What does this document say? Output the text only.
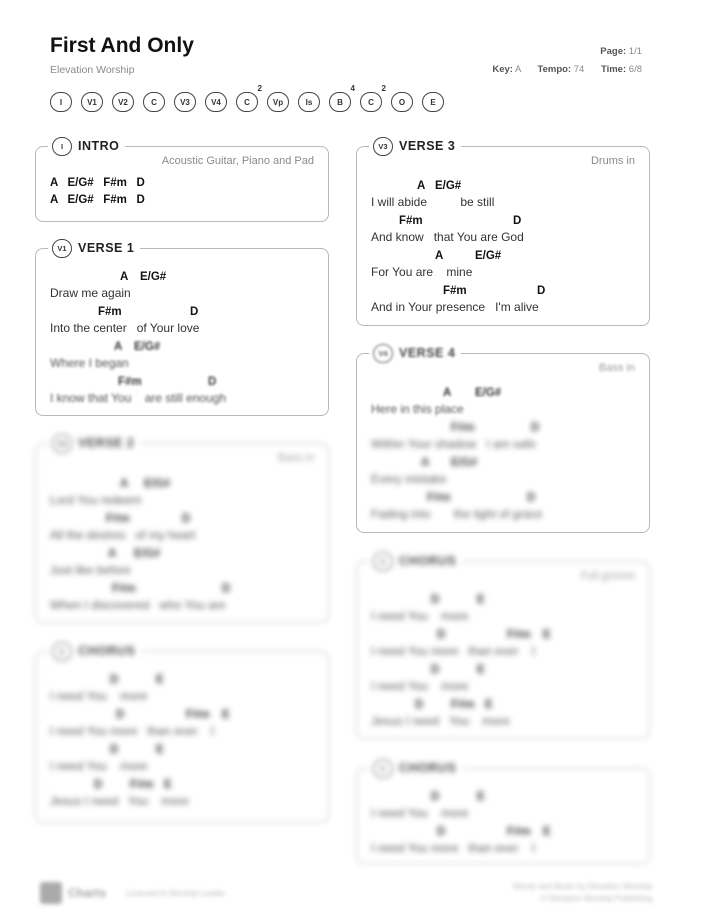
First And Only
Elevation Worship
Page: 1/1
Key: A Tempo: 74 Time: 6/8
I	V1	V2	C	V3	V4	C
2
Vp	Is	B
4
C
2
O	E
I	INTRO
Acoustic Guitar, Piano and Pad
A   E/G#   F#m   D
A   E/G#   F#m   D
V1 VERSE 1
A E/G#
Draw me again
F#m	D
Into the center   of Your love
A E/G#
Where I began
F#m	D
I know that You    are still enough
V2 VERSE 2
Bass in
A E/G#
Lord You redeem
F#m	D
All the desires   of my heart
A E/G#
Just like before
F#m	D
When I discovered   who You are
C	CHORUS
D	E
I need You    more
D	F#m E
I need You more   than ever    I
D	E
I need You    more
D F#m E
Jesus I need   You    more
V3 VERSE 3
Drums in
A E/G#
I will abide          be still
F#m	D
And know   that You are God
A	E/G#
For You are    mine
F#m	D
And in Your presence   I'm alive
V4 VERSE 4
Bass in
A E/G#
Here in this place
F#m	D
Within Your shadow   I am safe
A E/G#
Every mistake
F#m	D
Fading into       the light of grace
C	CHORUS
Full groove
D	E
I need You    more
D	F#m E
I need You more   than ever    I
D	E
I need You    more
D F#m E
Jesus I need   You    more
C	CHORUS
D	E
I need You    more
D	F#m E
I need You more   than ever    I
Charts Licensed to Worship Leader
Words and Music by Elevation Worship
© Elevation Worship Publishing
